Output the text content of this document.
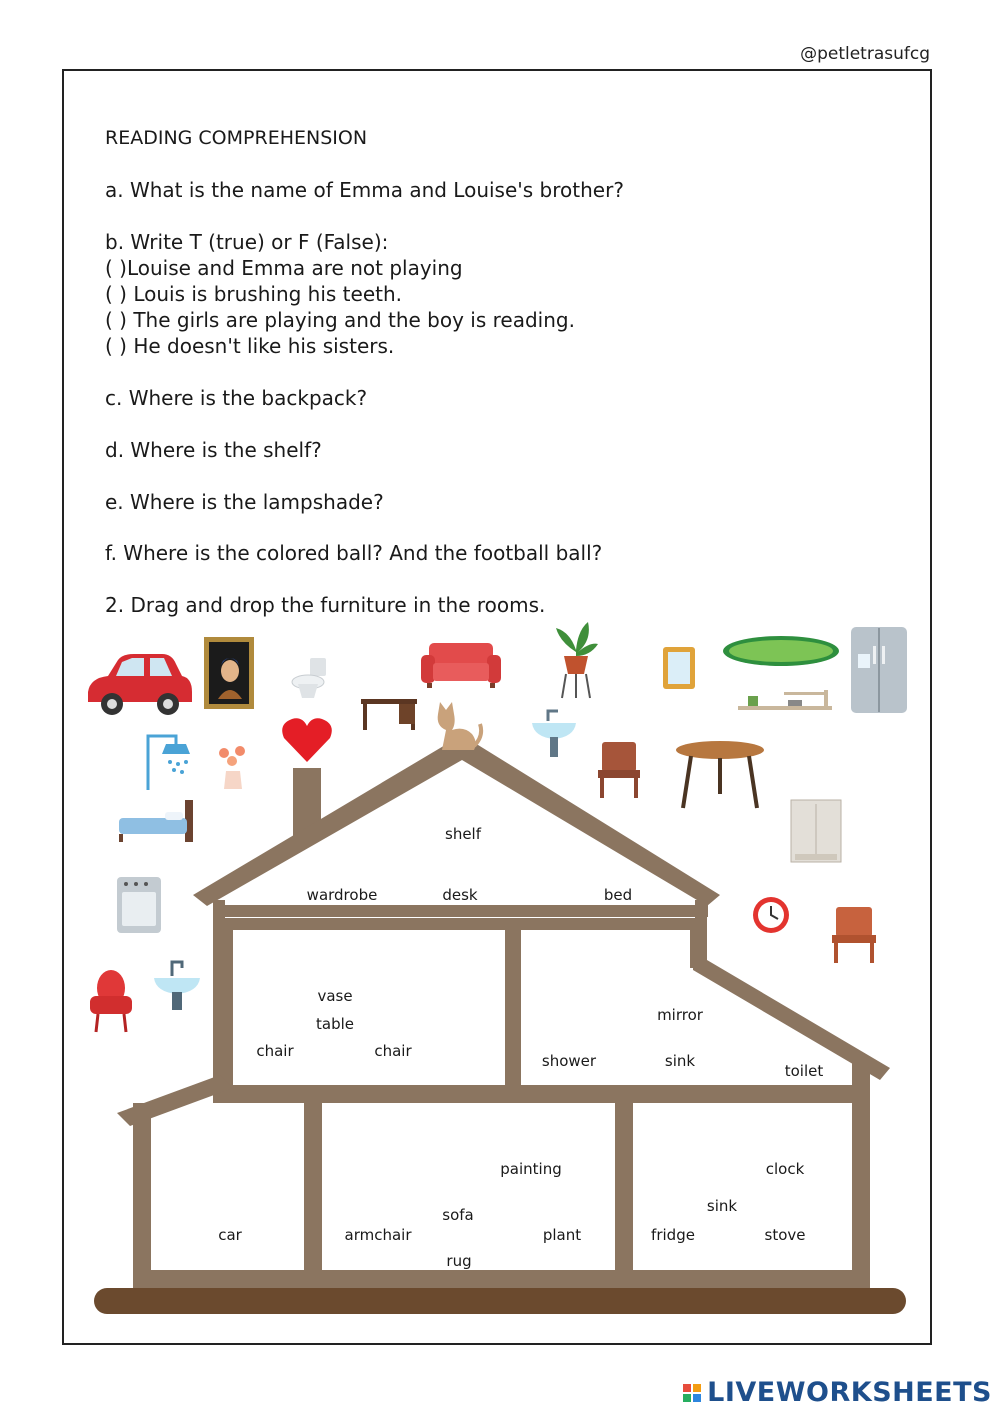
@petletrasufcg
READING COMPREHENSION
a. What is the name of Emma and Louise's brother?
b. Write T (true) or F (False):
( )Louise and Emma are not playing
( ) Louis is brushing his teeth.
( ) The girls are playing and the boy is reading.
( ) He doesn't like his sisters.
c. Where is the backpack?
d. Where is the shelf?
e. Where is the lampshade?
f. Where is the colored ball? And the football ball?
2. Drag and drop the furniture in the rooms.
shelf
wardrobe	desk	bed
vase
table
chair	chair
mirror
shower	sink
toilet
painting
sofa
car	armchair	plant
rug
clock
sink
fridge	stove
LIVEWORKSHEETS
